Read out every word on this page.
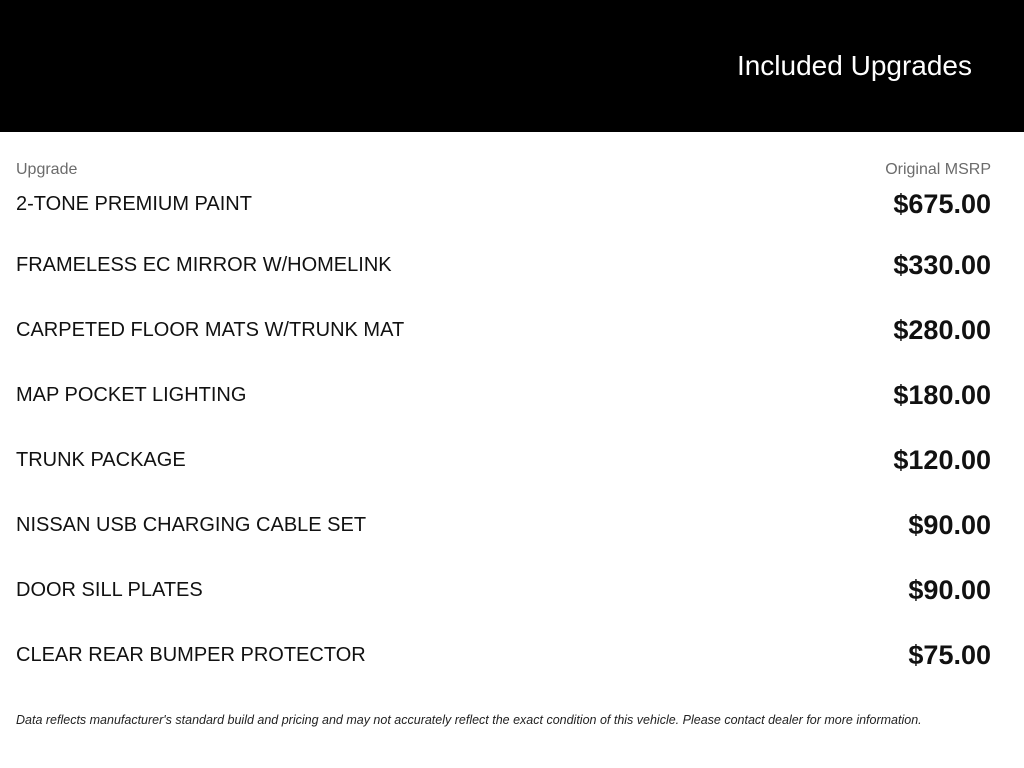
Included Upgrades
Upgrade	Original MSRP
2-TONE PREMIUM PAINT	$675.00
FRAMELESS EC MIRROR W/HOMELINK	$330.00
CARPETED FLOOR MATS W/TRUNK MAT	$280.00
MAP POCKET LIGHTING	$180.00
TRUNK PACKAGE	$120.00
NISSAN USB CHARGING CABLE SET	$90.00
DOOR SILL PLATES	$90.00
CLEAR REAR BUMPER PROTECTOR	$75.00
Data reflects manufacturer's standard build and pricing and may not accurately reflect the exact condition of this vehicle. Please contact dealer for more information.
